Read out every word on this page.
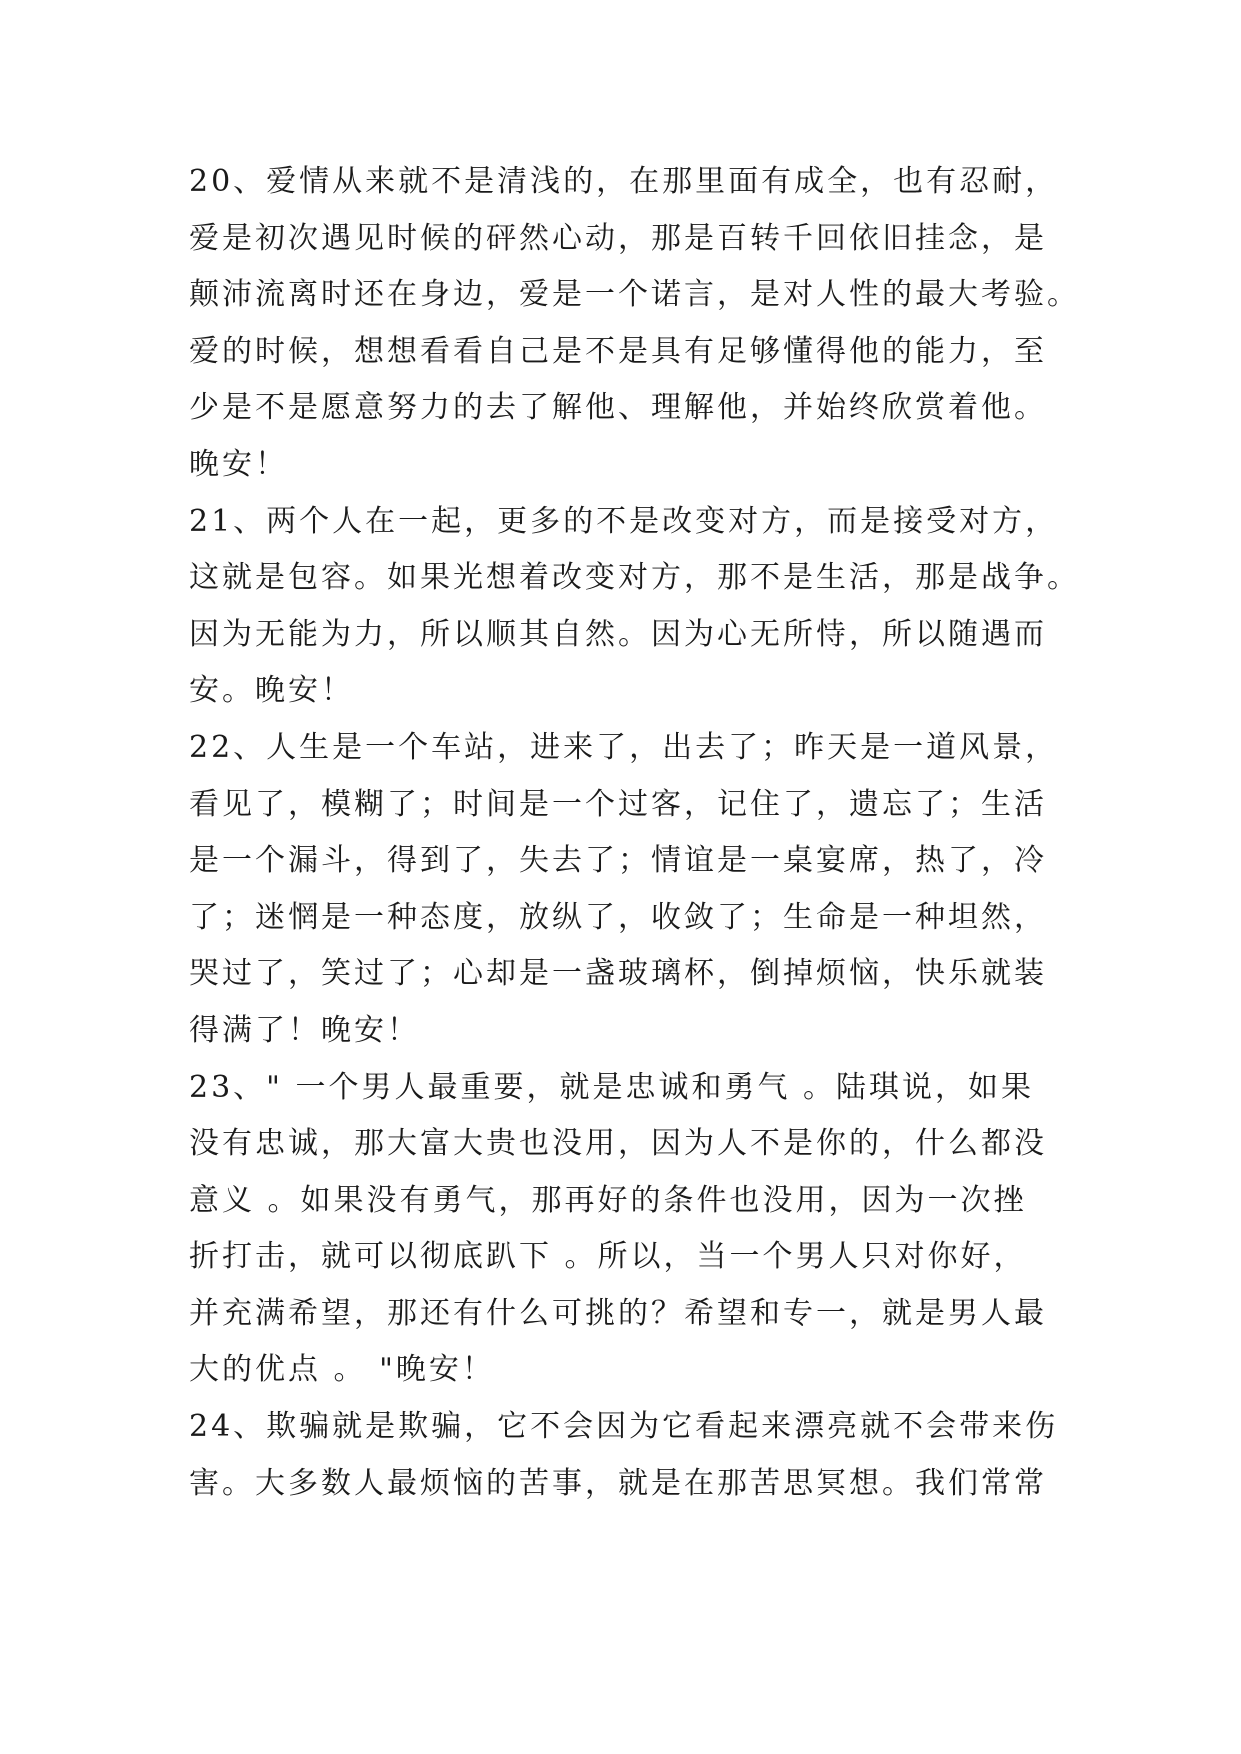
20、爱情从来就不是清浅的，在那里面有成全，也有忍耐，
爱是初次遇见时候的砰然心动，那是百转千回依旧挂念，是
颠沛流离时还在身边，爱是一个诺言，是对人性的最大考验。
爱的时候，想想看看自己是不是具有足够懂得他的能力，至
少是不是愿意努力的去了解他、理解他，并始终欣赏着他。
晚安！
21、两个人在一起，更多的不是改变对方，而是接受对方，
这就是包容。如果光想着改变对方，那不是生活，那是战争。
因为无能为力，所以顺其自然。因为心无所恃，所以随遇而
安。晚安！
22、人生是一个车站，进来了，出去了；昨天是一道风景，
看见了，模糊了；时间是一个过客，记住了，遗忘了；生活
是一个漏斗，得到了，失去了；情谊是一桌宴席，热了，冷
了；迷惘是一种态度，放纵了，收敛了；生命是一种坦然，
哭过了，笑过了；心却是一盏玻璃杯，倒掉烦恼，快乐就装
得满了！晚安！
23、" 一个男人最重要，就是忠诚和勇气 。陆琪说，如果
没有忠诚，那大富大贵也没用，因为人不是你的，什么都没
意义 。如果没有勇气，那再好的条件也没用，因为一次挫
折打击，就可以彻底趴下 。所以，当一个男人只对你好，
并充满希望，那还有什么可挑的？希望和专一，就是男人最
大的优点 。 "晚安！
24、欺骗就是欺骗，它不会因为它看起来漂亮就不会带来伤
害。大多数人最烦恼的苦事，就是在那苦思冥想。我们常常
